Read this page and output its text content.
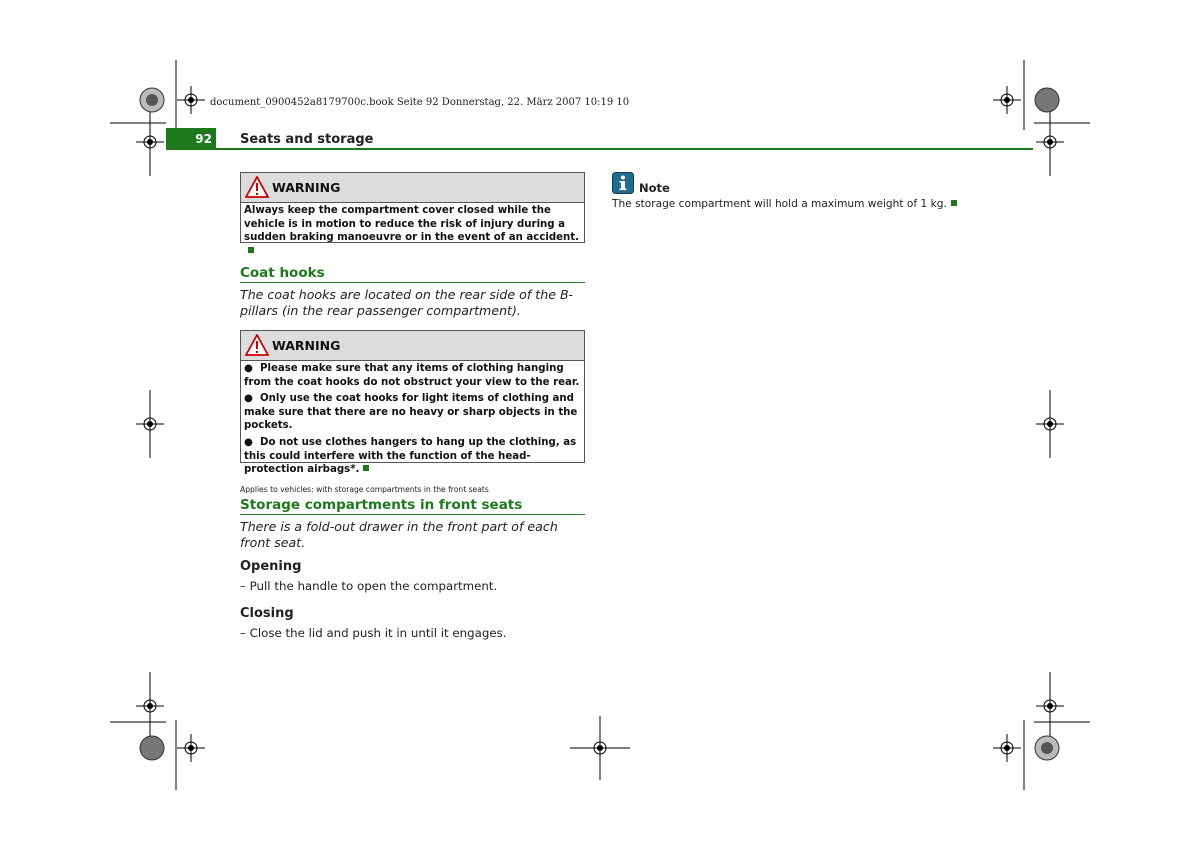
document_0900452a8179700c.book Seite 92 Donnerstag, 22. März 2007 10:19 10
92	Seats and storage
WARNING
Always keep the compartment cover closed while the vehicle is in motion to reduce the risk of injury during a sudden braking manoeuvre or in the event of an accident.
Coat hooks
The coat hooks are located on the rear side of the B-pillars (in the rear passenger compartment).
WARNING

●  Please make sure that any items of clothing hanging from the coat hooks do not obstruct your view to the rear.

●  Only use the coat hooks for light items of clothing and make sure that there are no heavy or sharp objects in the pockets.

●  Do not use clothes hangers to hang up the clothing, as this could interfere with the function of the head-protection airbags*.

Applies to vehicles: with storage compartments in the front seats
Storage compartments in front seats
There is a fold-out drawer in the front part of each front seat.
Opening
– Pull the handle to open the compartment.
Closing
– Close the lid and push it in until it engages.
Note
The storage compartment will hold a maximum weight of 1 kg.
